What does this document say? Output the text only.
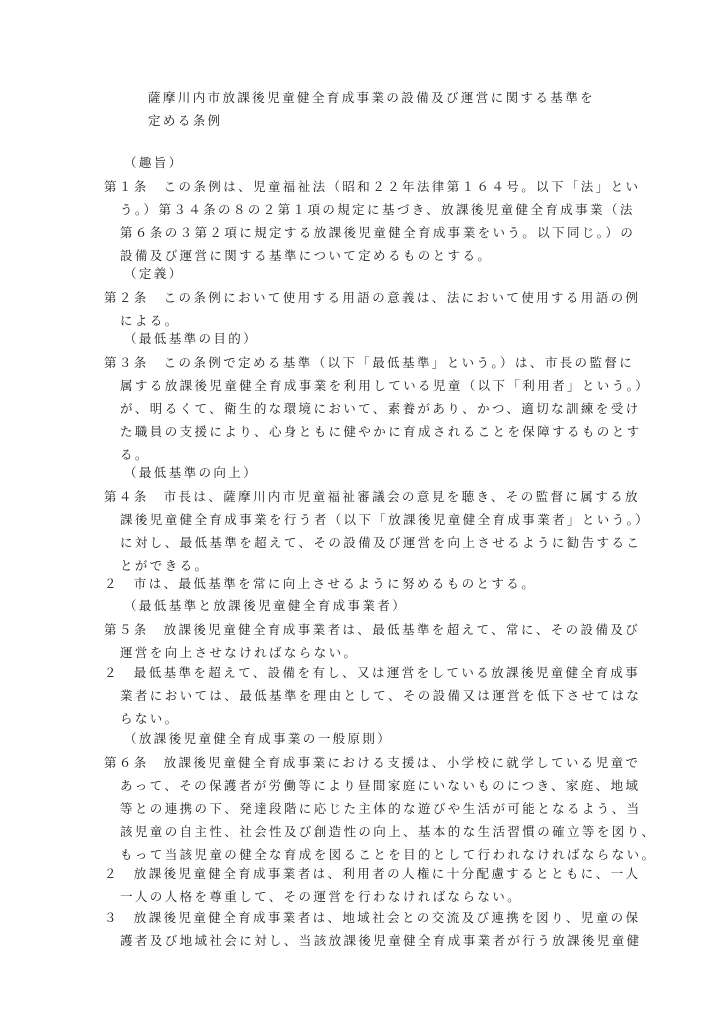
薩摩川内市放課後児童健全育成事業の設備及び運営に関する基準を
定める条例
（趣旨）
第１条　この条例は、児童福祉法（昭和２２年法律第１６４号。以下「法」とい
う。）第３４条の８の２第１項の規定に基づき、放課後児童健全育成事業（法
第６条の３第２項に規定する放課後児童健全育成事業をいう。以下同じ。）の
設備及び運営に関する基準について定めるものとする。
（定義）
第２条　この条例において使用する用語の意義は、法において使用する用語の例
による。
（最低基準の目的）
第３条　この条例で定める基準（以下「最低基準」という。）は、市長の監督に
属する放課後児童健全育成事業を利用している児童（以下「利用者」という。）
が、明るくて、衛生的な環境において、素養があり、かつ、適切な訓練を受け
た職員の支援により、心身ともに健やかに育成されることを保障するものとす
る。
（最低基準の向上）
第４条　市長は、薩摩川内市児童福祉審議会の意見を聴き、その監督に属する放
課後児童健全育成事業を行う者（以下「放課後児童健全育成事業者」という。）
に対し、最低基準を超えて、その設備及び運営を向上させるように勧告するこ
とができる。
２　市は、最低基準を常に向上させるように努めるものとする。
（最低基準と放課後児童健全育成事業者）
第５条　放課後児童健全育成事業者は、最低基準を超えて、常に、その設備及び
運営を向上させなければならない。
２　最低基準を超えて、設備を有し、又は運営をしている放課後児童健全育成事
業者においては、最低基準を理由として、その設備又は運営を低下させてはな
らない。
（放課後児童健全育成事業の一般原則）
第６条　放課後児童健全育成事業における支援は、小学校に就学している児童で
あって、その保護者が労働等により昼間家庭にいないものにつき、家庭、地域
等との連携の下、発達段階に応じた主体的な遊びや生活が可能となるよう、当
該児童の自主性、社会性及び創造性の向上、基本的な生活習慣の確立等を図り、
もって当該児童の健全な育成を図ることを目的として行われなければならない。
２　放課後児童健全育成事業者は、利用者の人権に十分配慮するとともに、一人
一人の人格を尊重して、その運営を行わなければならない。
３　放課後児童健全育成事業者は、地域社会との交流及び連携を図り、児童の保
護者及び地域社会に対し、当該放課後児童健全育成事業者が行う放課後児童健
